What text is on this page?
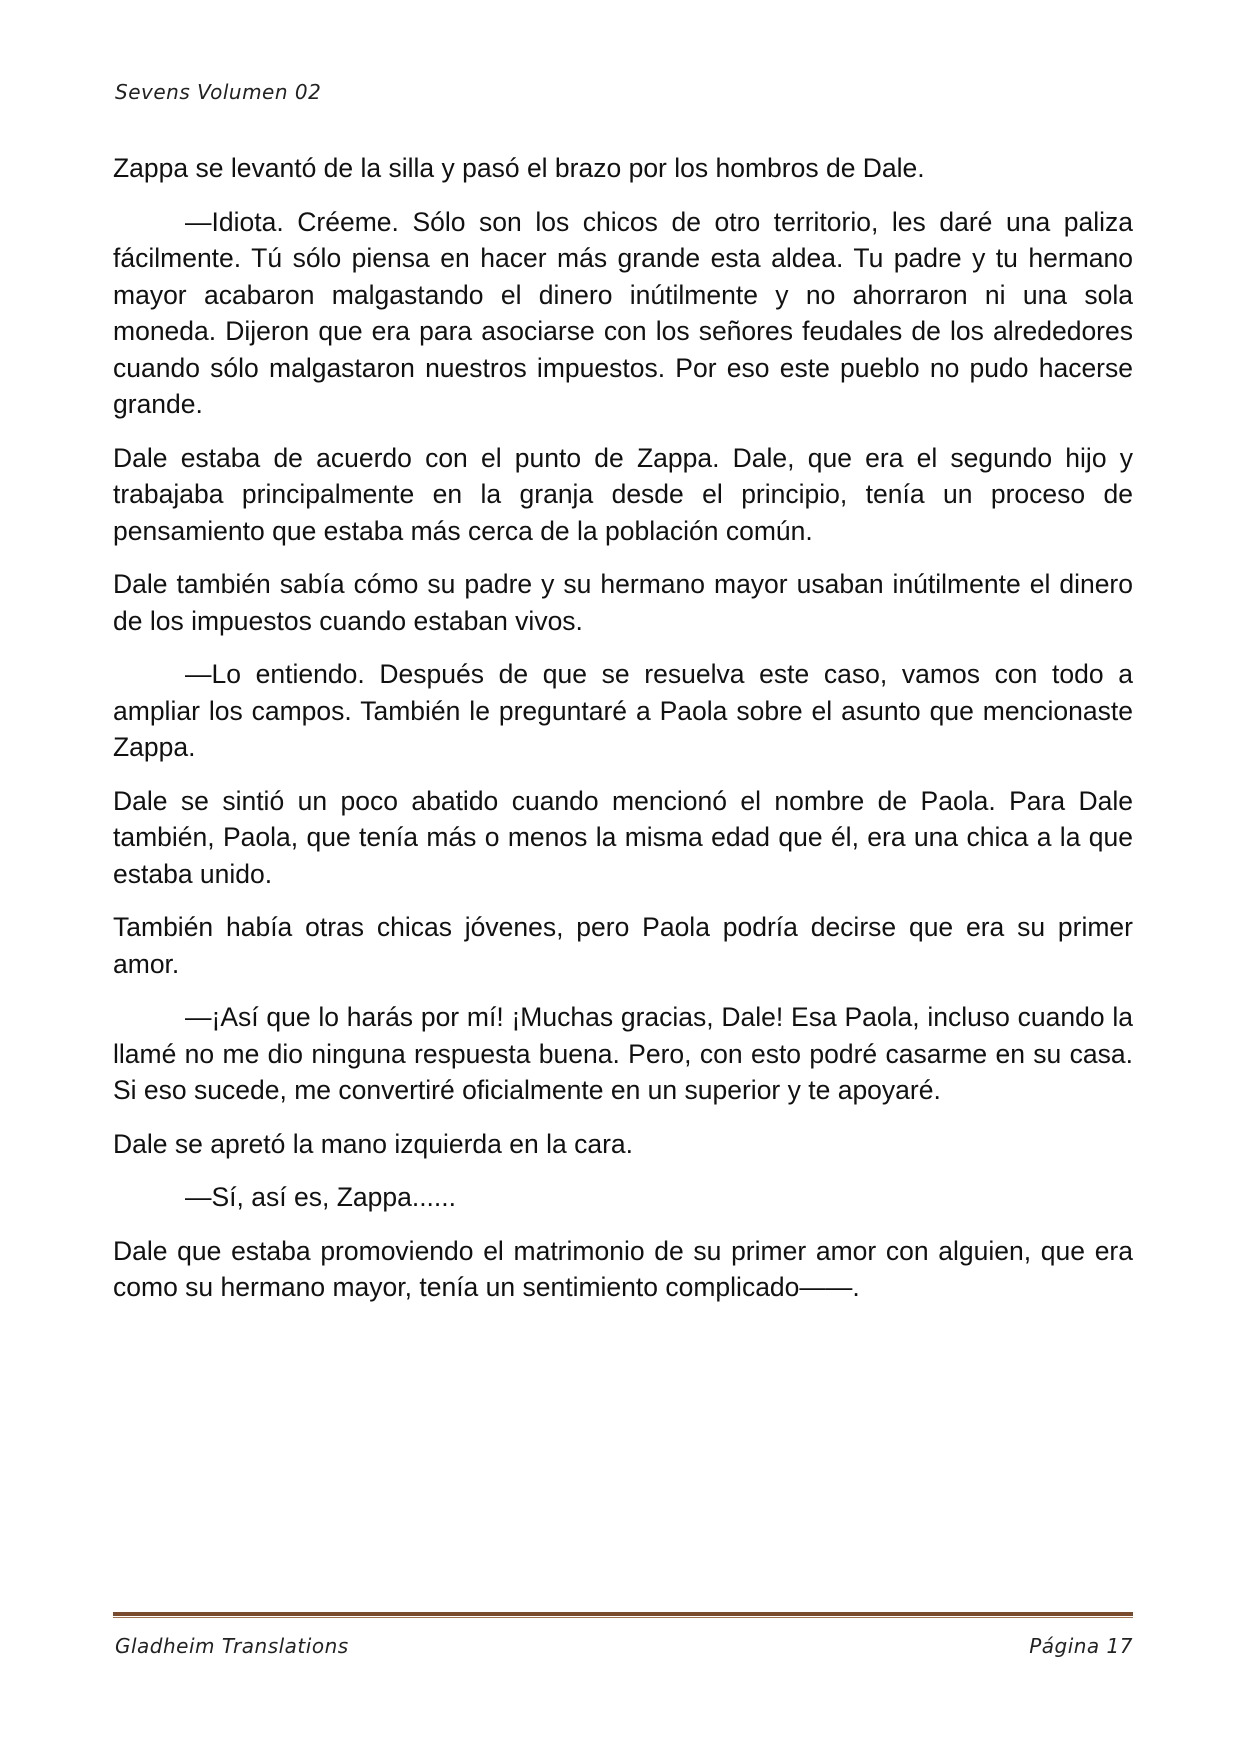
Sevens Volumen 02

Zappa se levantó de la silla y pasó el brazo por los hombros de Dale.

—Idiota. Créeme. Sólo son los chicos de otro territorio, les daré una paliza fácilmente. Tú sólo piensa en hacer más grande esta aldea. Tu padre y tu hermano mayor acabaron malgastando el dinero inútilmente y no ahorraron ni una sola moneda. Dijeron que era para asociarse con los señores feudales de los alrededores cuando sólo malgastaron nuestros impuestos. Por eso este pueblo no pudo hacerse grande.

Dale estaba de acuerdo con el punto de Zappa. Dale, que era el segundo hijo y trabajaba principalmente en la granja desde el principio, tenía un proceso de pensamiento que estaba más cerca de la población común.

Dale también sabía cómo su padre y su hermano mayor usaban inútilmente el dinero de los impuestos cuando estaban vivos.

—Lo entiendo. Después de que se resuelva este caso, vamos con todo a ampliar los campos. También le preguntaré a Paola sobre el asunto que mencionaste Zappa.

Dale se sintió un poco abatido cuando mencionó el nombre de Paola. Para Dale también, Paola, que tenía más o menos la misma edad que él, era una chica a la que estaba unido.

También había otras chicas jóvenes, pero Paola podría decirse que era su primer amor.

—¡Así que lo harás por mí! ¡Muchas gracias, Dale! Esa Paola, incluso cuando la llamé no me dio ninguna respuesta buena. Pero, con esto podré casarme en su casa. Si eso sucede, me convertiré oficialmente en un superior y te apoyaré.

Dale se apretó la mano izquierda en la cara.

—Sí, así es, Zappa......

Dale que estaba promoviendo el matrimonio de su primer amor con alguien, que era como su hermano mayor, tenía un sentimiento complicado——.

Gladheim Translations	Página 17
